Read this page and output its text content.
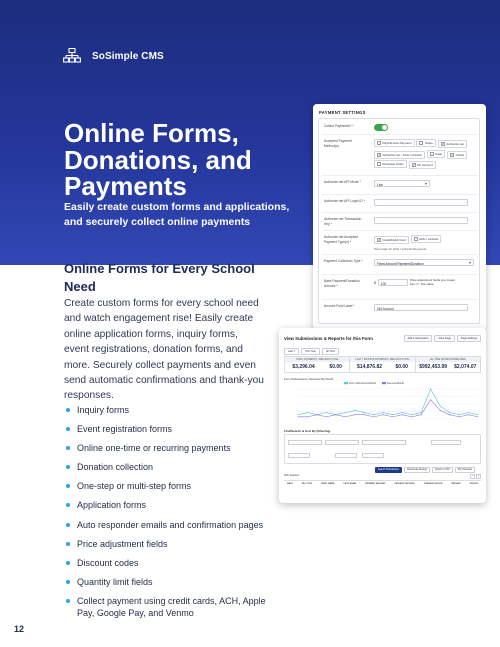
SoSimple CMS
Online Forms, Donations, and Payments

Easily create custom forms and applications, and securely collect online payments

Online Forms for Every School Need

Create custom forms for every school need and watch engagement rise! Easily create online application forms, inquiry forms, event registrations, donation forms, and more. Securely collect payments and even send automatic confirmations and thank-you responses.

Inquiry forms
Event registration forms
Online one-time or recurring payments
Donation collection
One-step or multi-step forms
Application forms
Auto responder emails and confirmation pages
Price adjustment fields
Discount codes
Quantity limit fields
Collect payment using credit cards, ACH, Apple Pay, Google Pay, and Venmo
12
PAYMENT SETTINGS
Collect Payments? *
Accepted Payment Method(s)
PayPal Auto Payment
	Stripe
	✓ Authorize.net

✓ Authorize.net - ACH / eCheck
	Cash
	✓ Check

Purchase Order
	✓ On Account
Authorize.net API Mode *
Live ▾
Authorize.net API Login ID *
Authorize.net Transaction Key *
Authorize.net Accepted Payment Type(s) *	✓ Credit/Debit Card
	ACH / eCheck
Test mode for ACH / eCheck Payments
Payment Collection Type *
Fixed Amount Payment/Donation ▾
Base Payment/Donation Amount *
$	100
Price adjustment fields you create can >/< this value.
Amount Field Label *
Gift Amount
View Submissions & Reports for this Form	Add a Submission	View Page	Page Settings
Last 7	This Year	All Time
TODAY PAYMENTS / REFUNDS TOTAL
$3,296.04	$0.00
LAST 7 MONTHS PAYMENTS / REFUNDS TOTAL
$14,876.82	$0.00
ALL TIME PAYMENTS/REFUNDS
$992,453.99 $2,074.07
Form Submissions / Revenue By Month
Form Submissions/Month	Revenue/Month
Find/Search & Sort By (Filtering)
Search Submissions	View Email Settings	Export to CSV	Print Receipts
With Selected:	‹	›
DATE	PAY TYPE	FIRST NAME	LAST NAME	PAYMENT AMOUNT	PAYMENT METHOD	TRANSACTION ID	REFUND	STATUS
